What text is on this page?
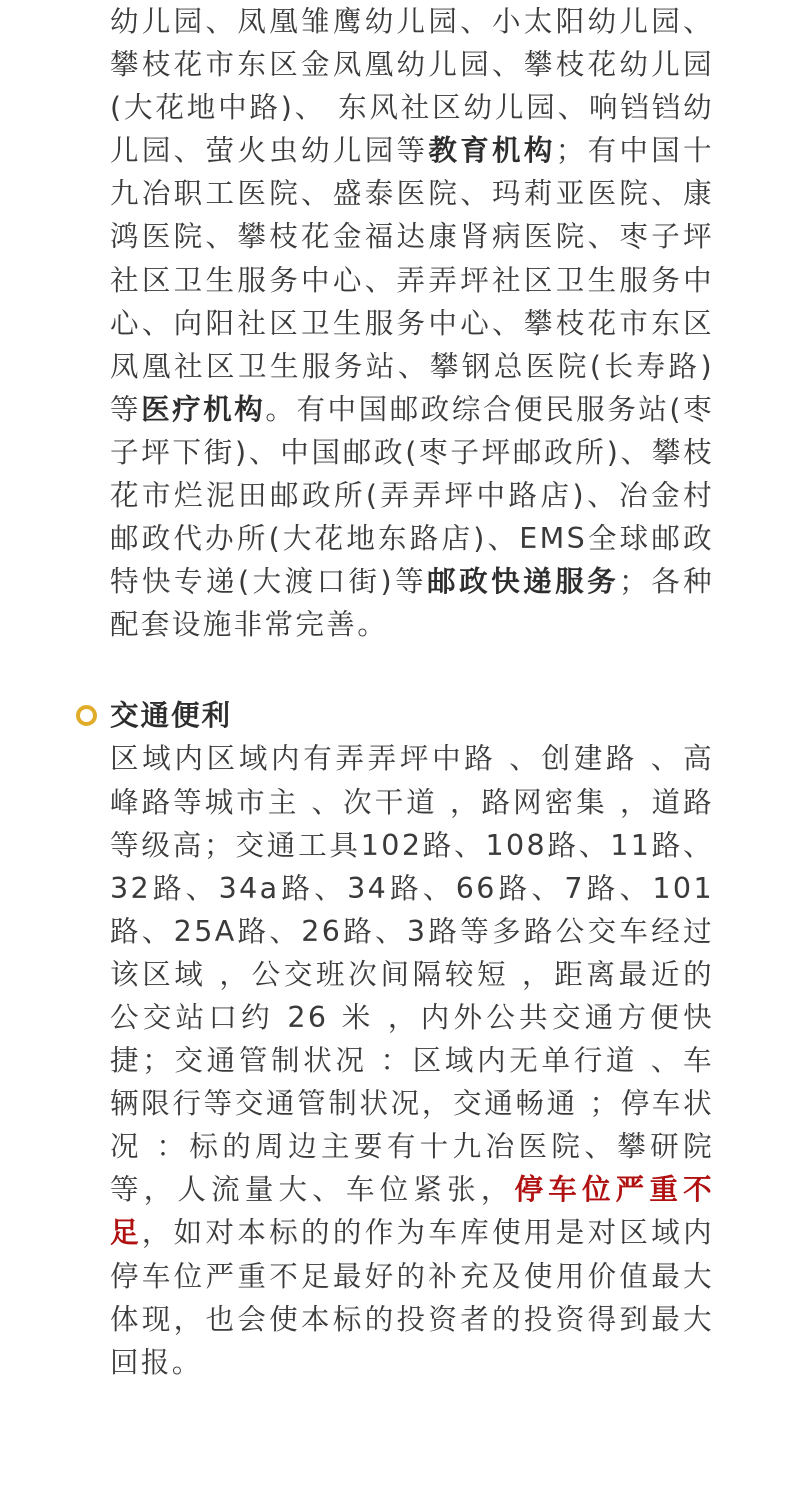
幼儿园、凤凰雏鹰幼儿园、小太阳幼儿园、攀枝花市东区金凤凰幼儿园、攀枝花幼儿园(大花地中路)、 东风社区幼儿园、响铛铛幼儿园、萤火虫幼儿园等教育机构；有中国十九冶职工医院、盛泰医院、玛莉亚医院、康鸿医院、攀枝花金福达康肾病医院、枣子坪社区卫生服务中心、弄弄坪社区卫生服务中心、向阳社区卫生服务中心、攀枝花市东区凤凰社区卫生服务站、攀钢总医院(长寿路)等医疗机构。有中国邮政综合便民服务站(枣子坪下街)、中国邮政(枣子坪邮政所)、攀枝花市烂泥田邮政所(弄弄坪中路店)、冶金村邮政代办所(大花地东路店)、EMS全球邮政特快专递(大渡口街)等邮政快递服务；各种配套设施非常完善。

交通便利

区域内区域内有弄弄坪中路 、创建路 、高峰路等城市主 、次干道 ，路网密集 ，道路等级高；交通工具102路、108路、11路、32路、34a路、34路、66路、7路、101路、25A路、26路、3路等多路公交车经过该区域 ，公交班次间隔较短 ，距离最近的公交站口约 26 米 ，内外公共交通方便快捷；交通管制状况 ：区域内无单行道 、车辆限行等交通管制状况，交通畅通 ；停车状况 ：标的周边主要有十九冶医院、攀研院等，人流量大、车位紧张，停车位严重不足，如对本标的的作为车库使用是对区域内停车位严重不足最好的补充及使用价值最大体现，也会使本标的投资者的投资得到最大回报。
